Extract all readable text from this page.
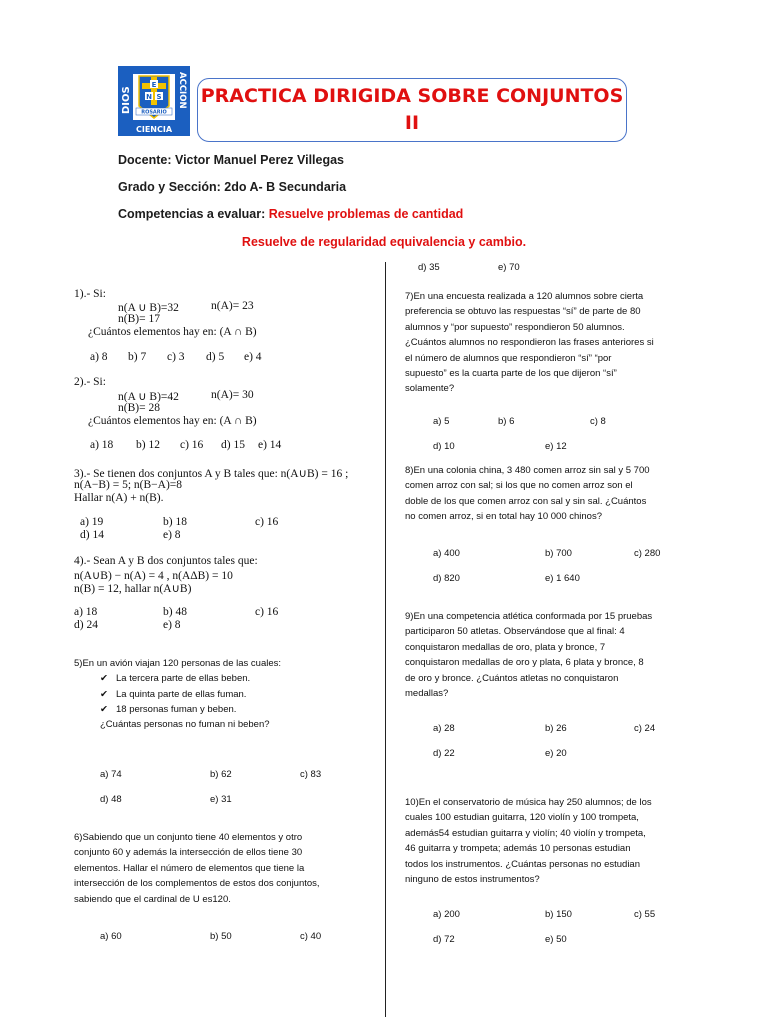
E
N S
ROSARIO
DIOS	ACCION
CIENCIA
PRACTICA DIRIGIDA SOBRE CONJUNTOS
II
Docente: Victor Manuel Perez Villegas
Grado y Sección: 2do A- B Secundaria
Competencias a evaluar: Resuelve problemas de cantidad
Resuelve de regularidad equivalencia y cambio.
1).- Si:
n(A ∪ B)=32	n(A)= 23
n(B)= 17
¿Cuántos elementos hay en: (A ∩ B)
a) 8 b) 7 c) 3 d) 5 e) 4
2).- Si:
n(A ∪ B)=42	n(A)= 30
n(B)= 28
¿Cuántos elementos hay en: (A ∩ B)
a) 18 b) 12 c) 16 d) 15 e) 14
3).- Se tienen dos conjuntos A y B tales que: n(A∪B) = 16 ;
n(A−B) = 5; n(B−A)=8
Hallar n(A) + n(B).
a) 19	b) 18	c) 16
d) 14	e) 8
4).- Sean A y B dos conjuntos tales que:
n(A∪B) − n(A) = 4 , n(AΔB) = 10
n(B) = 12, hallar n(A∪B)
a) 18	b) 48	c) 16
d) 24	e) 8
5)En un avión viajan 120 personas de las cuales:
✔ La tercera parte de ellas beben.
✔ La quinta parte de ellas fuman.
✔ 18 personas fuman y beben.
¿Cuántas personas no fuman ni beben?
a) 74	b) 62	c) 83
d) 48	e) 31
6)Sabiendo que un conjunto tiene 40 elementos y otro
conjunto 60 y además la intersección de ellos tiene 30
elementos. Hallar el número de elementos que tiene la
intersección de los complementos de estos dos conjuntos,
sabiendo que el cardinal de U es120.
a) 60	b) 50	c) 40
d) 35	e) 70
7)En una encuesta realizada a 120 alumnos sobre cierta
preferencia se obtuvo las respuestas “sí” de parte de 80
alumnos y “por supuesto” respondieron 50 alumnos.
¿Cuántos alumnos no respondieron las frases anteriores si
el número de alumnos que respondieron “sí” “por
supuesto” es la cuarta parte de los que dijeron “sí”
solamente?
a) 5	b) 6	c) 8
d) 10	e) 12
8)En una colonia china, 3 480 comen arroz sin sal y 5 700
comen arroz con sal; si los que no comen arroz son el
doble de los que comen arroz con sal y sin sal. ¿Cuántos
no comen arroz, si en total hay 10 000 chinos?
a) 400	b) 700	c) 280
d) 820	e) 1 640
9)En una competencia atlética conformada por 15 pruebas
participaron 50 atletas. Observándose que al final: 4
conquistaron medallas de oro, plata y bronce, 7
conquistaron medallas de oro y plata, 6 plata y bronce, 8
de oro y bronce. ¿Cuántos atletas no conquistaron
medallas?
a) 28	b) 26	c) 24
d) 22	e) 20
10)En el conservatorio de música hay 250 alumnos; de los
cuales 100 estudian guitarra, 120 violín y 100 trompeta,
además54 estudian guitarra y violín; 40 violín y trompeta,
46 guitarra y trompeta; además 10 personas estudian
todos los instrumentos. ¿Cuántas personas no estudian
ninguno de estos instrumentos?
a) 200	b) 150	c) 55
d) 72	e) 50
